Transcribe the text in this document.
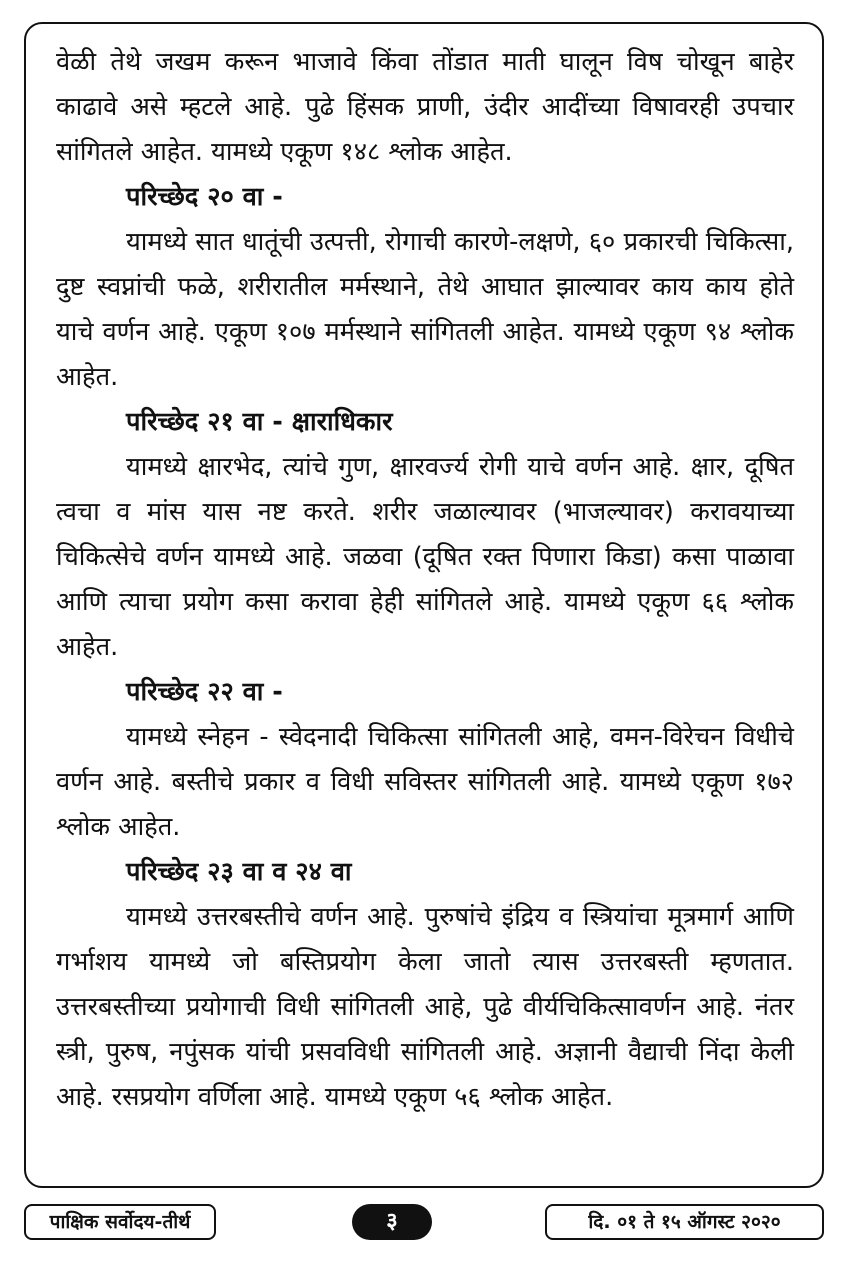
वेळी तेथे जखम करून भाजावे किंवा तोंडात माती घालून विष चोखून बाहेर काढावे असे म्हटले आहे. पुढे हिंसक प्राणी, उंदीर आदींच्या विषावरही उपचार सांगितले आहेत. यामध्ये एकूण १४८ श्लोक आहेत.

परिच्छेद २० वा -

यामध्ये सात धातूंची उत्पत्ती, रोगाची कारणे-लक्षणे, ६० प्रकारची चिकित्सा, दुष्ट स्वप्नांची फळे, शरीरातील मर्मस्थाने, तेथे आघात झाल्यावर काय काय होते याचे वर्णन आहे. एकूण १०७ मर्मस्थाने सांगितली आहेत. यामध्ये एकूण ९४ श्लोक आहेत.

परिच्छेद २१ वा - क्षाराधिकार

यामध्ये क्षारभेद, त्यांचे गुण, क्षारवर्ज्य रोगी याचे वर्णन आहे. क्षार, दूषित त्वचा व मांस यास नष्ट करते. शरीर जळाल्यावर (भाजल्यावर) करावयाच्या चिकित्सेचे वर्णन यामध्ये आहे. जळवा (दूषित रक्त पिणारा किडा) कसा पाळावा आणि त्याचा प्रयोग कसा करावा हेही सांगितले आहे. यामध्ये एकूण ६६ श्लोक आहेत.

परिच्छेद २२ वा -

यामध्ये स्नेहन - स्वेदनादी चिकित्सा सांगितली आहे, वमन-विरेचन विधीचे वर्णन आहे. बस्तीचे प्रकार व विधी सविस्तर सांगितली आहे. यामध्ये एकूण १७२ श्लोक आहेत.

परिच्छेद २३ वा व २४ वा

यामध्ये उत्तरबस्तीचे वर्णन आहे. पुरुषांचे इंद्रिय व स्त्रियांचा मूत्रमार्ग आणि गर्भाशय यामध्ये जो बस्तिप्रयोग केला जातो त्यास उत्तरबस्ती म्हणतात. उत्तरबस्तीच्या प्रयोगाची विधी सांगितली आहे, पुढे वीर्यचिकित्सावर्णन आहे. नंतर स्त्री, पुरुष, नपुंसक यांची प्रसवविधी सांगितली आहे. अज्ञानी वैद्याची निंदा केली आहे. रसप्रयोग वर्णिला आहे. यामध्ये एकूण ५६ श्लोक आहेत.

पाक्षिक सर्वोदय-तीर्थ	३	दि. ०१ ते १५ ऑगस्ट २०२०
